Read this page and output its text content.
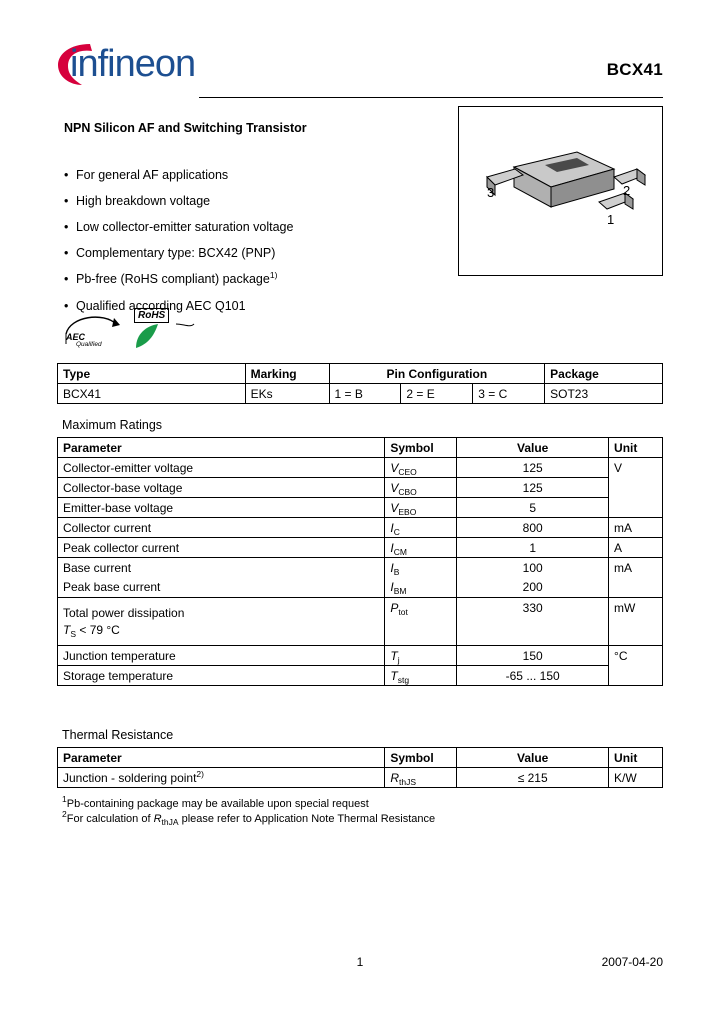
infineon	BCX41
NPN Silicon AF and Switching Transistor
• For general AF applications
• High breakdown voltage
• Low collector-emitter saturation voltage
• Complementary type: BCX42 (PNP)
• Pb-free (RoHS compliant) package$^{1)}$
• Qualified according AEC Q101
AEC
Qualified
RoHS
3	2
1
Type	Marking	Pin Configuration			Package
BCX41	EKs	1 = B	2 = E	3 = C	SOT23
Maximum Ratings
Parameter	Symbol	Value	Unit
Collector-emitter voltage	$V_{CEO}$	125	V
Collector-base voltage	$V_{CBO}$	125	
Emitter-base voltage	$V_{EBO}$	5	
Collector current	$I_C$	800	mA
Peak collector current	$I_{CM}$	1	A
Base current	$I_B$	100	mA
Peak base current	$I_{BM}$	200	

Total power dissipation
$T_S < 79$ °C	$P_{tot}$	330	mW
Junction temperature	$T_j$	150	°C
Storage temperature	$T_{stg}$	-65 ... 150	
Thermal Resistance
Parameter	Symbol	Value	Unit
Junction - soldering point$^{2)}$	$R_{thJS}$	≤ 215	K/W
$^1$Pb-containing package may be available upon special request
$^2$For calculation of $R_{thJA}$ please refer to Application Note Thermal Resistance
1	2007-04-20
